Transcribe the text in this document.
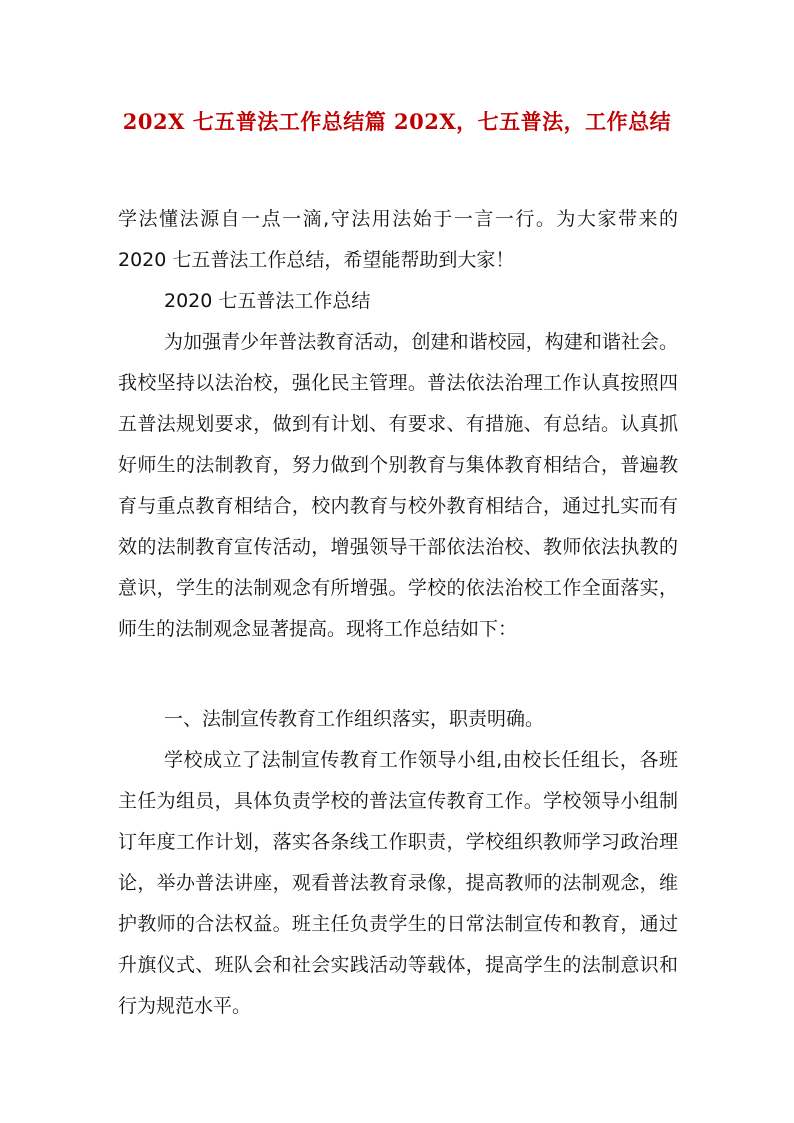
202X 七五普法工作总结篇 202X，七五普法，工作总结

学法懂法源自一点一滴,守法用法始于一言一行。为大家带来的 2020 七五普法工作总结，希望能帮助到大家！

2020 七五普法工作总结

为加强青少年普法教育活动，创建和谐校园，构建和谐社会。我校坚持以法治校，强化民主管理。普法依法治理工作认真按照四五普法规划要求，做到有计划、有要求、有措施、有总结。认真抓好师生的法制教育，努力做到个别教育与集体教育相结合，普遍教育与重点教育相结合，校内教育与校外教育相结合，通过扎实而有效的法制教育宣传活动，增强领导干部依法治校、教师依法执教的意识，学生的法制观念有所增强。学校的依法治校工作全面落实，师生的法制观念显著提高。现将工作总结如下：

一、法制宣传教育工作组织落实，职责明确。

学校成立了法制宣传教育工作领导小组,由校长任组长，各班主任为组员，具体负责学校的普法宣传教育工作。学校领导小组制订年度工作计划，落实各条线工作职责，学校组织教师学习政治理论，举办普法讲座，观看普法教育录像，提高教师的法制观念，维护教师的合法权益。班主任负责学生的日常法制宣传和教育，通过升旗仪式、班队会和社会实践活动等载体，提高学生的法制意识和行为规范水平。
